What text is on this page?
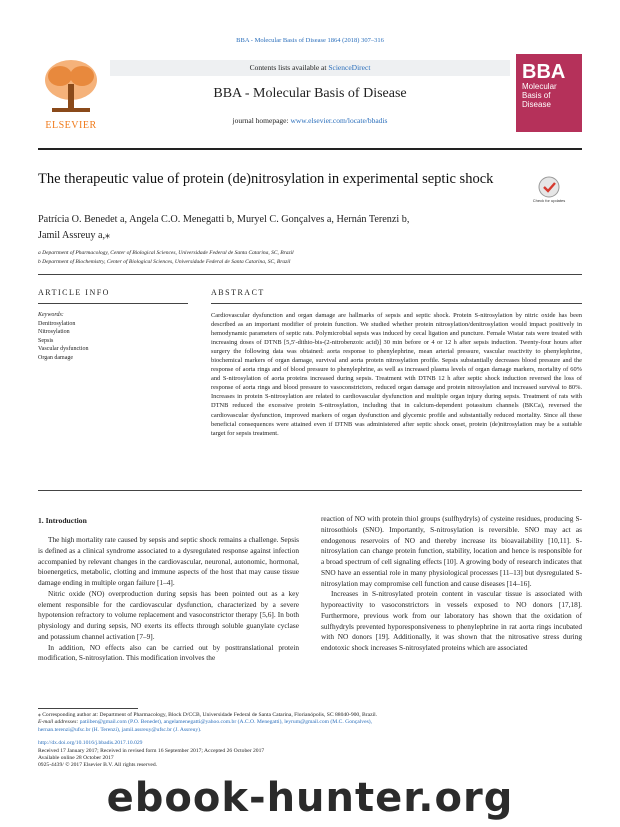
BBA - Molecular Basis of Disease 1864 (2018) 307–316
ELSEVIER
Contents lists available at ScienceDirect
BBA - Molecular Basis of Disease
journal homepage: www.elsevier.com/locate/bbadis
BBA
Molecular
Basis of
Disease
The therapeutic value of protein (de)nitrosylation in experimental septic shock
Check for updates
Patrícia O. Benedet a, Angela C.O. Menegatti b, Muryel C. Gonçalves a, Hernán Terenzi b,
Jamil Assreuy a,⁎
a Department of Pharmacology, Center of Biological Sciences, Universidade Federal de Santa Catarina, SC, Brazil
b Department of Biochemistry, Center of Biological Sciences, Universidade Federal de Santa Catarina, SC, Brazil
ARTICLE INFO	ABSTRACT
Keywords:
Denitrosylation
Nitrosylation
Sepsis
Vascular dysfunction
Organ damage
Cardiovascular dysfunction and organ damage are hallmarks of sepsis and septic shock. Protein S-nitrosylation by nitric oxide has been described as an important modifier of protein function. We studied whether protein nitrosylation/denitrosylation would impact positively in hemodynamic parameters of septic rats. Polymicrobial sepsis was induced by cecal ligation and puncture. Female Wistar rats were treated with increasing doses of DTNB [5,5′-dithio-bis-(2-nitrobenzoic acid)] 30 min before or 4 or 12 h after sepsis induction. Twenty-four hours after surgery the following data was obtained: aorta response to phenylephrine, mean arterial pressure, vascular reactivity to phenylephrine, biochemical markers of organ damage, survival and aorta protein nitrosylation profile. Sepsis substantially decreases blood pressure and the response of aorta rings and of blood pressure to phenylephrine, as well as increased plasma levels of organ damage markers, mortality of 60% and S-nitrosylation of aorta proteins increased during sepsis. Treatment with DTNB 12 h after septic shock induction reversed the loss of response of aorta rings and blood pressure to vasoconstrictors, reduced organ damage and protein nitrosylation and increased survival to 80%. Increases in protein S-nitrosylation are related to cardiovascular dysfunction and multiple organ injury during sepsis. Treatment of rats with DTNB reduced the excessive protein S-nitrosylation, including that in calcium-dependent potassium channels (BKCa), reversed the cardiovascular dysfunction, improved markers of organ dysfunction and glycemic profile and substantially reduced mortality. Since all these beneficial consequences were attained even if DTNB was administered after septic shock onset, protein (de)nitrosylation may be a suitable target for sepsis treatment.
1. Introduction

The high mortality rate caused by sepsis and septic shock remains a challenge. Sepsis is defined as a clinical syndrome associated to a dysregulated response against infection accompanied by relevant changes in the cardiovascular, neuronal, autonomic, hormonal, bioenergetics, metabolic, clotting and immune aspects of the host that may cause tissue damage ending in multiple organ failure [1–4].

Nitric oxide (NO) overproduction during sepsis has been pointed out as a key element responsible for the cardiovascular dysfunction, characterized by a severe hypotension refractory to volume replacement and vasoconstrictor therapy [5,6]. In both physiology and during sepsis, NO exerts its effects through soluble guanylate cyclase and potassium channel activation [7–9].

In addition, NO effects also can be carried out by posttranslational protein modification, S-nitrosylation. This modification involves the

reaction of NO with protein thiol groups (sulfhydryls) of cysteine residues, producing S-nitrosothiols (SNO). Importantly, S-nitrosylation is reversible. SNO may act as endogenous reservoirs of NO and thereby increase its bioavailability [10,11]. S-nitrosylation can change protein function, stability, location and hence is responsible for a broad spectrum of cell signaling effects [10]. A growing body of research indicates that SNO have an essential role in many physiological processes [11–13] but dysregulated S-nitrosylation may compromise cell function and cause diseases [14–16].

Increases in S-nitrosylated protein content in vascular tissue is associated with hyporeactivity to vasoconstrictors in vessels exposed to NO donors [17,18]. Furthermore, previous work from our laboratory has shown that the oxidation of sulfhydryls prevented hyporesponsiveness to phenylephrine in rat aorta rings incubated with NO donors [19]. Additionally, it was shown that the nitrosative stress during endotoxic shock increases S-nitrosylated proteins which are associated

⁎ Corresponding author at: Department of Pharmacology, Block D/CCB, Universidade Federal de Santa Catarina, Florianópolis, SC 88040-900, Brazil.
E-mail addresses: patiiben@gmail.com (P.O. Benedet), angelamenegatti@yahoo.com.br (A.C.O. Menegatti), leyrum@gmail.com (M.C. Gonçalves),
hernan.terenzi@ufsc.br (H. Terenzi), jamil.assreuy@ufsc.br (J. Assreuy).
http://dx.doi.org/10.1016/j.bbadis.2017.10.029
Received 17 January 2017; Received in revised form 16 September 2017; Accepted 26 October 2017
Available online 28 October 2017
0925-4439/ © 2017 Elsevier B.V. All rights reserved.
ebook-hunter.org
